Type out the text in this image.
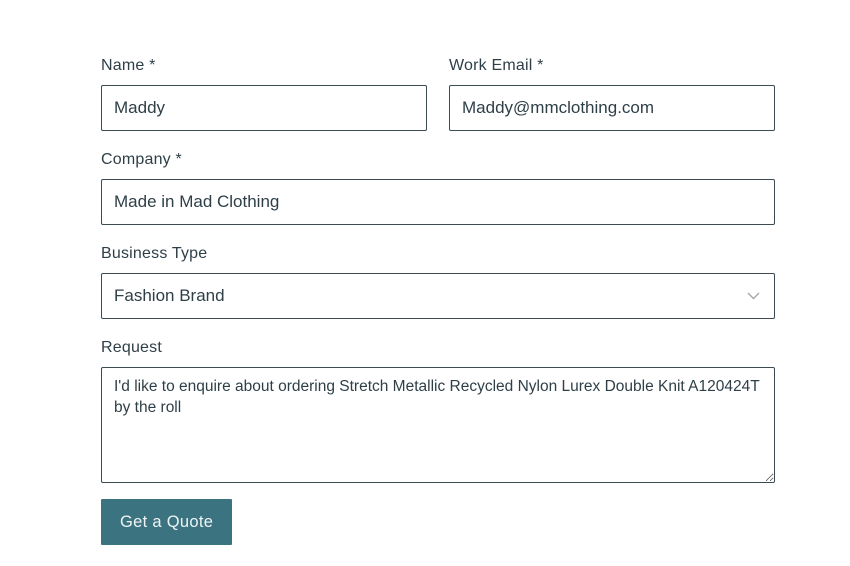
Name *
Maddy	Work Email *
Maddy@mmclothing.com
Company *
Made in Mad Clothing
Business Type
Fashion Brand
Request
I'd like to enquire about ordering Stretch Metallic Recycled Nylon Lurex Double Knit A120424T by the roll
Get a Quote
